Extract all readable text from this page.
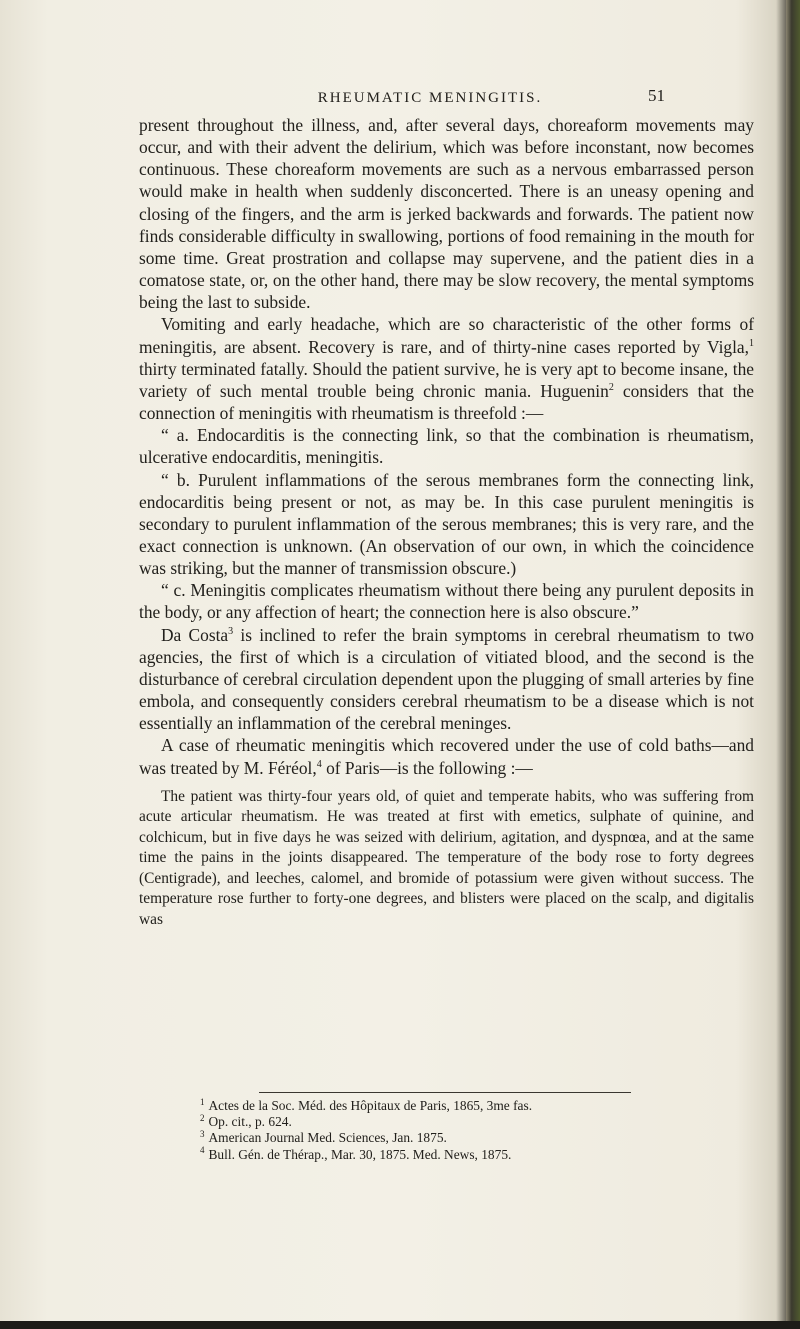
RHEUMATIC MENINGITIS.	51

present throughout the illness, and, after several days, choreaform movements may occur, and with their advent the delirium, which was before inconstant, now becomes continuous. These choreaform movements are such as a nervous embarrassed person would make in health when suddenly disconcerted. There is an uneasy opening and closing of the fingers, and the arm is jerked backwards and forwards. The patient now finds considerable difficulty in swallowing, portions of food remaining in the mouth for some time. Great prostration and collapse may supervene, and the patient dies in a comatose state, or, on the other hand, there may be slow recovery, the mental symptoms being the last to subside.

Vomiting and early headache, which are so characteristic of the other forms of meningitis, are absent. Recovery is rare, and of thirty-nine cases reported by Vigla,$^1$ thirty terminated fatally. Should the patient survive, he is very apt to become insane, the variety of such mental trouble being chronic mania. Huguenin$^2$ considers that the connection of meningitis with rheumatism is threefold :—

“ a. Endocarditis is the connecting link, so that the combination is rheumatism, ulcerative endocarditis, meningitis.

“ b. Purulent inflammations of the serous membranes form the connecting link, endocarditis being present or not, as may be. In this case purulent meningitis is secondary to purulent inflammation of the serous membranes; this is very rare, and the exact connection is unknown. (An observation of our own, in which the coincidence was striking, but the manner of transmission obscure.)

“ c. Meningitis complicates rheumatism without there being any purulent deposits in the body, or any affection of heart; the connection here is also obscure.”

Da Costa$^3$ is inclined to refer the brain symptoms in cerebral rheumatism to two agencies, the first of which is a circulation of vitiated blood, and the second is the disturbance of cerebral circulation dependent upon the plugging of small arteries by fine embola, and consequently considers cerebral rheumatism to be a disease which is not essentially an inflammation of the cerebral meninges.

A case of rheumatic meningitis which recovered under the use of cold baths—and was treated by M. Féréol,$^4$ of Paris—is the following :—

The patient was thirty-four years old, of quiet and temperate habits, who was suffering from acute articular rheumatism. He was treated at first with emetics, sulphate of quinine, and colchicum, but in five days he was seized with delirium, agitation, and dyspnœa, and at the same time the pains in the joints disappeared. The temperature of the body rose to forty degrees (Centigrade), and leeches, calomel, and bromide of potassium were given without success. The temperature rose further to forty-one degrees, and blisters were placed on the scalp, and digitalis was

$^1$ Actes de la Soc. Méd. des Hôpitaux de Paris, 1865, 3me fas.

$^2$ Op. cit., p. 624.

$^3$ American Journal Med. Sciences, Jan. 1875.

$^4$ Bull. Gén. de Thérap., Mar. 30, 1875. Med. News, 1875.
